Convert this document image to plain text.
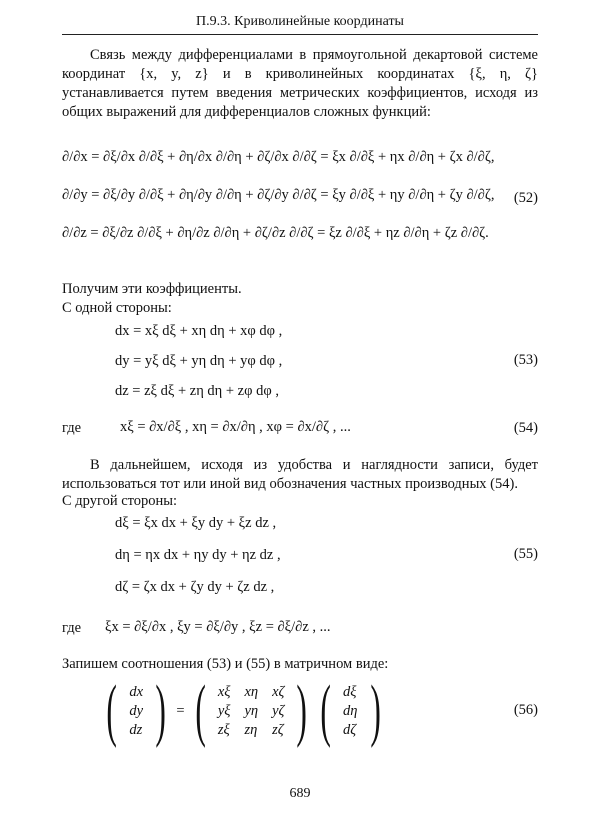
П.9.3. Криволинейные координаты
Связь между дифференциалами в прямоугольной декартовой системе координат {x, y, z} и в криволинейных координатах {ξ, η, ζ} устанавливается путем введения метрических коэффициентов, исходя из общих выражений для дифференциалов сложных функций:
∂/∂x = ∂ξ/∂x ∂/∂ξ + ∂η/∂x ∂/∂η + ∂ζ/∂x ∂/∂ζ = ξx ∂/∂ξ + ηx ∂/∂η + ζx ∂/∂ζ,
∂/∂y = ∂ξ/∂y ∂/∂ξ + ∂η/∂y ∂/∂η + ∂ζ/∂y ∂/∂ζ = ξy ∂/∂ξ + ηy ∂/∂η + ζy ∂/∂ζ,
∂/∂z = ∂ξ/∂z ∂/∂ξ + ∂η/∂z ∂/∂η + ∂ζ/∂z ∂/∂ζ = ξz ∂/∂ξ + ηz ∂/∂η + ζz ∂/∂ζ.
(52)
Получим эти коэффициенты.
С одной стороны:
dx = xξ dξ + xη dη + xφ dφ ,
dy = yξ dξ + yη dη + yφ dφ ,
dz = zξ dξ + zη dη + zφ dφ ,
(53)
где	xξ = ∂x/∂ξ , xη = ∂x/∂η , xφ = ∂x/∂ζ , ...	(54)
В дальнейшем, исходя из удобства и наглядности записи, будет использоваться тот или иной вид обозначения частных производных (54).
С другой стороны:
dξ = ξx dx + ξy dy + ξz dz ,
dη = ηx dx + ηy dy + ηz dz ,
dζ = ζx dx + ζy dy + ζz dz ,
(55)
где ξx = ∂ξ/∂x , ξy = ∂ξ/∂y , ξz = ∂ξ/∂z , ...
Запишем соотношения (53) и (55) в матричном виде:
( dx
dy
dz ) = ( xξ xη xζ
yξ yη yζ
zξ zη zζ ) ( dξ
dη
dζ )	(56)
689
